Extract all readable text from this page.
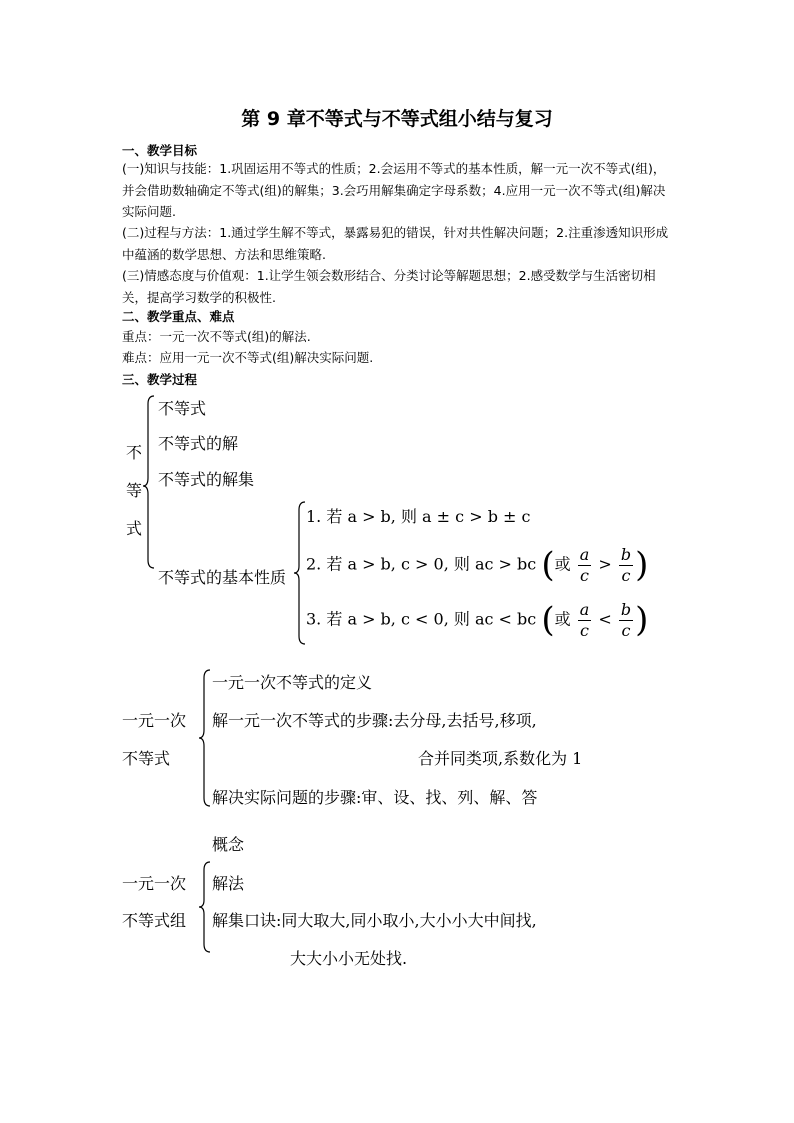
第 9 章不等式与不等式组小结与复习
一、教学目标
(一)知识与技能：1.巩固运用不等式的性质；2.会运用不等式的基本性质，解一元一次不等式(组)，并会借助数轴确定不等式(组)的解集；3.会巧用解集确定字母系数；4.应用一元一次不等式(组)解决实际问题.
(二)过程与方法：1.通过学生解不等式，暴露易犯的错误，针对共性解决问题；2.注重渗透知识形成中蕴涵的数学思想、方法和思维策略.
(三)情感态度与价值观：1.让学生领会数形结合、分类讨论等解题思想；2.感受数学与生活密切相关，提高学习数学的积极性.
二、教学重点、难点
重点：一元一次不等式(组)的解法.
难点：应用一元一次不等式(组)解决实际问题.
三、教学过程
不
等
式
不等式
不等式的解
不等式的解集
不等式的基本性质
1. 若 a > b, 则 a ± c > b ± c
2. 若 a > b, c > 0, 则 ac > bc (或 $\frac{a}{c} > \frac{b}{c}$ )
3. 若 a > b, c < 0, 则 ac < bc (或 $\frac{a}{c} < \frac{b}{c}$ )
一元一次
不等式
一元一次不等式的定义
解一元一次不等式的步骤:去分母,去括号,移项,
合并同类项,系数化为 1
解决实际问题的步骤:审、设、找、列、解、答
一元一次
不等式组
概念
解法
解集口诀:同大取大,同小取小,大小小大中间找,
大大小小无处找.
